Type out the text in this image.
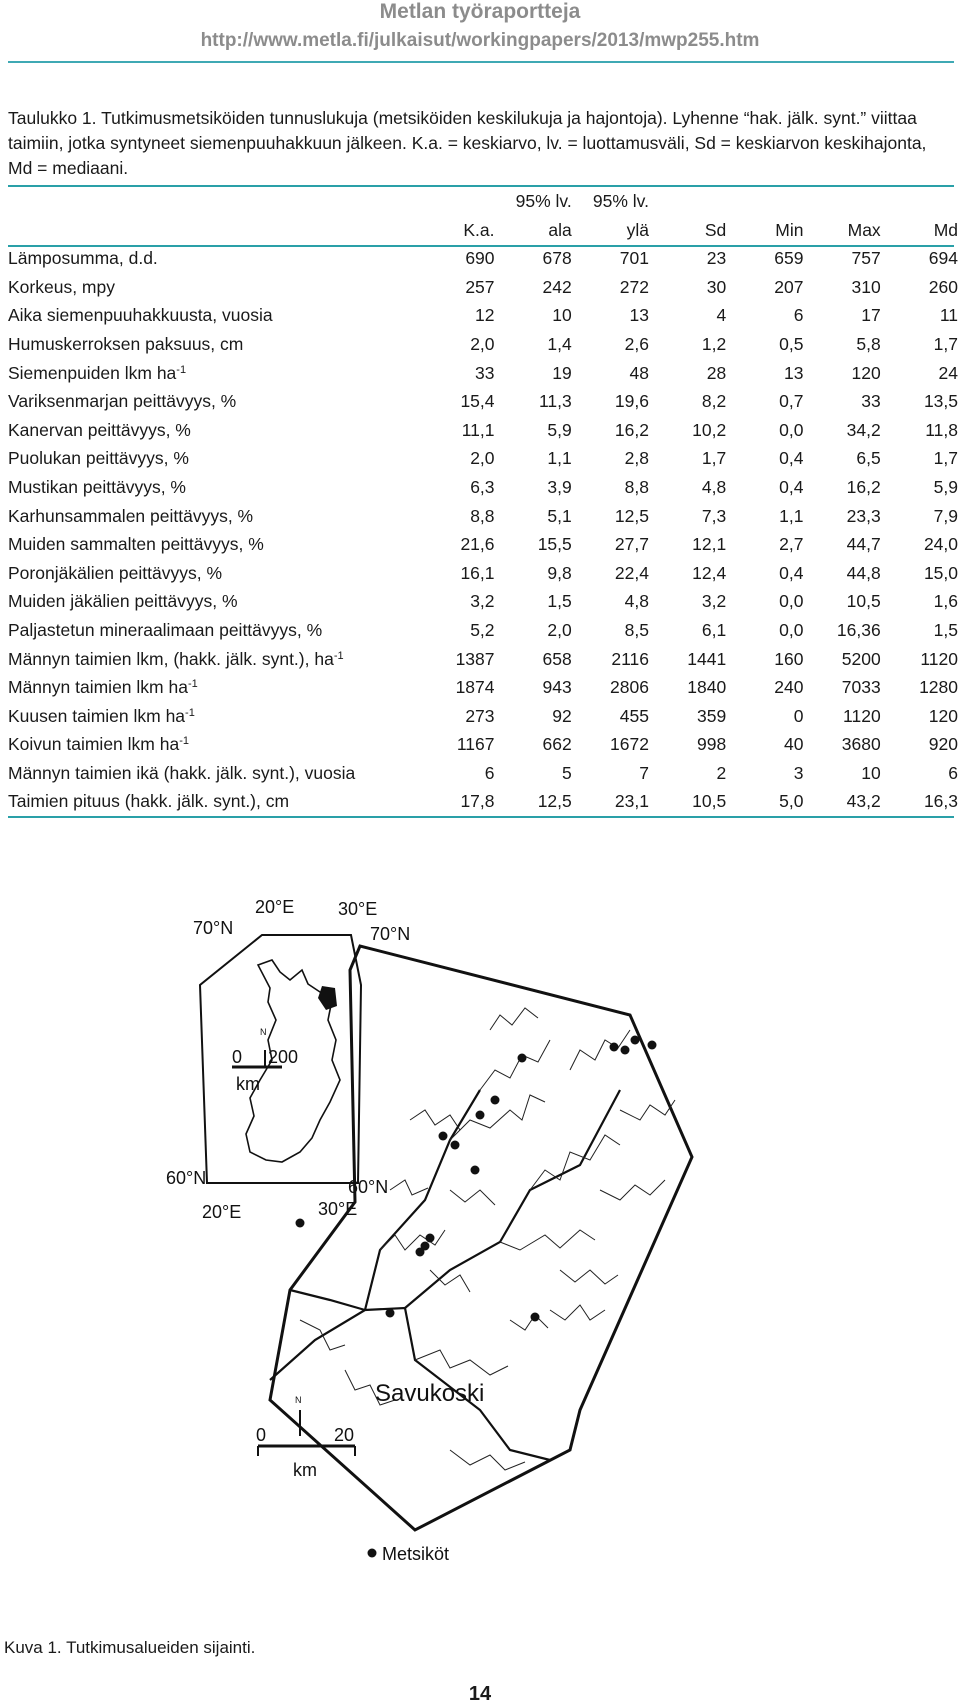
Metlan työraportteja
http://www.metla.fi/julkaisut/workingpapers/2013/mwp255.htm
Taulukko 1. Tutkimusmetsiköiden tunnuslukuja (metsiköiden keskilukuja ja hajontoja). Lyhenne “hak. jälk. synt.” viittaa taimiin, jotka syntyneet siemenpuuhakkuun jälkeen. K.a. = keskiarvo, lv. = luottamusväli, Sd = keskiarvon keskihajonta, Md = mediaani.
		95% lv.	95% lv.				
	K.a.	ala	ylä	Sd	Min	Max	Md
Lämposumma, d.d.	690	678	701	23	659	757	694
Korkeus, mpy	257	242	272	30	207	310	260
Aika siemenpuuhakkuusta, vuosia	12	10	13	4	6	17	11
Humuskerroksen paksuus, cm	2,0	1,4	2,6	1,2	0,5	5,8	1,7
Siemenpuiden lkm $ha^{-1}$	33	19	48	28	13	120	24
Variksenmarjan peittävyys, %	15,4	11,3	19,6	8,2	0,7	33	13,5
Kanervan peittävyys, %	11,1	5,9	16,2	10,2	0,0	34,2	11,8
Puolukan peittävyys, %	2,0	1,1	2,8	1,7	0,4	6,5	1,7
Mustikan peittävyys, %	6,3	3,9	8,8	4,8	0,4	16,2	5,9
Karhunsammalen peittävyys, %	8,8	5,1	12,5	7,3	1,1	23,3	7,9
Muiden sammalten peittävyys, %	21,6	15,5	27,7	12,1	2,7	44,7	24,0
Poronjäkälien peittävyys, %	16,1	9,8	22,4	12,4	0,4	44,8	15,0
Muiden jäkälien peittävyys, %	3,2	1,5	4,8	3,2	0,0	10,5	1,6
Paljastetun mineraalimaan peittävyys, %	5,2	2,0	8,5	6,1	0,0	16,36	1,5
Männyn taimien lkm, (hakk. jälk. synt.), $ha^{-1}$	1387	658	2116	1441	160	5200	1120
Männyn taimien lkm $ha^{-1}$	1874	943	2806	1840	240	7033	1280
Kuusen taimien lkm $ha^{-1}$	273	92	455	359	0	1120	120
Koivun taimien lkm $ha^{-1}$	1167	662	1672	998	40	3680	920
Männyn taimien ikä (hakk. jälk. synt.), vuosia	6	5	7	2	3	10	6
Taimien pituus (hakk. jälk. synt.), cm	17,8	12,5	23,1	10,5	5,0	43,2	16,3
N
20°E 30°E
70°N	70°N
0 200
km
60°N	60°N
20°E	30°E
Savukoski
N
0	20
km
Metsiköt
Kuva 1. Tutkimusalueiden sijainti.
14
